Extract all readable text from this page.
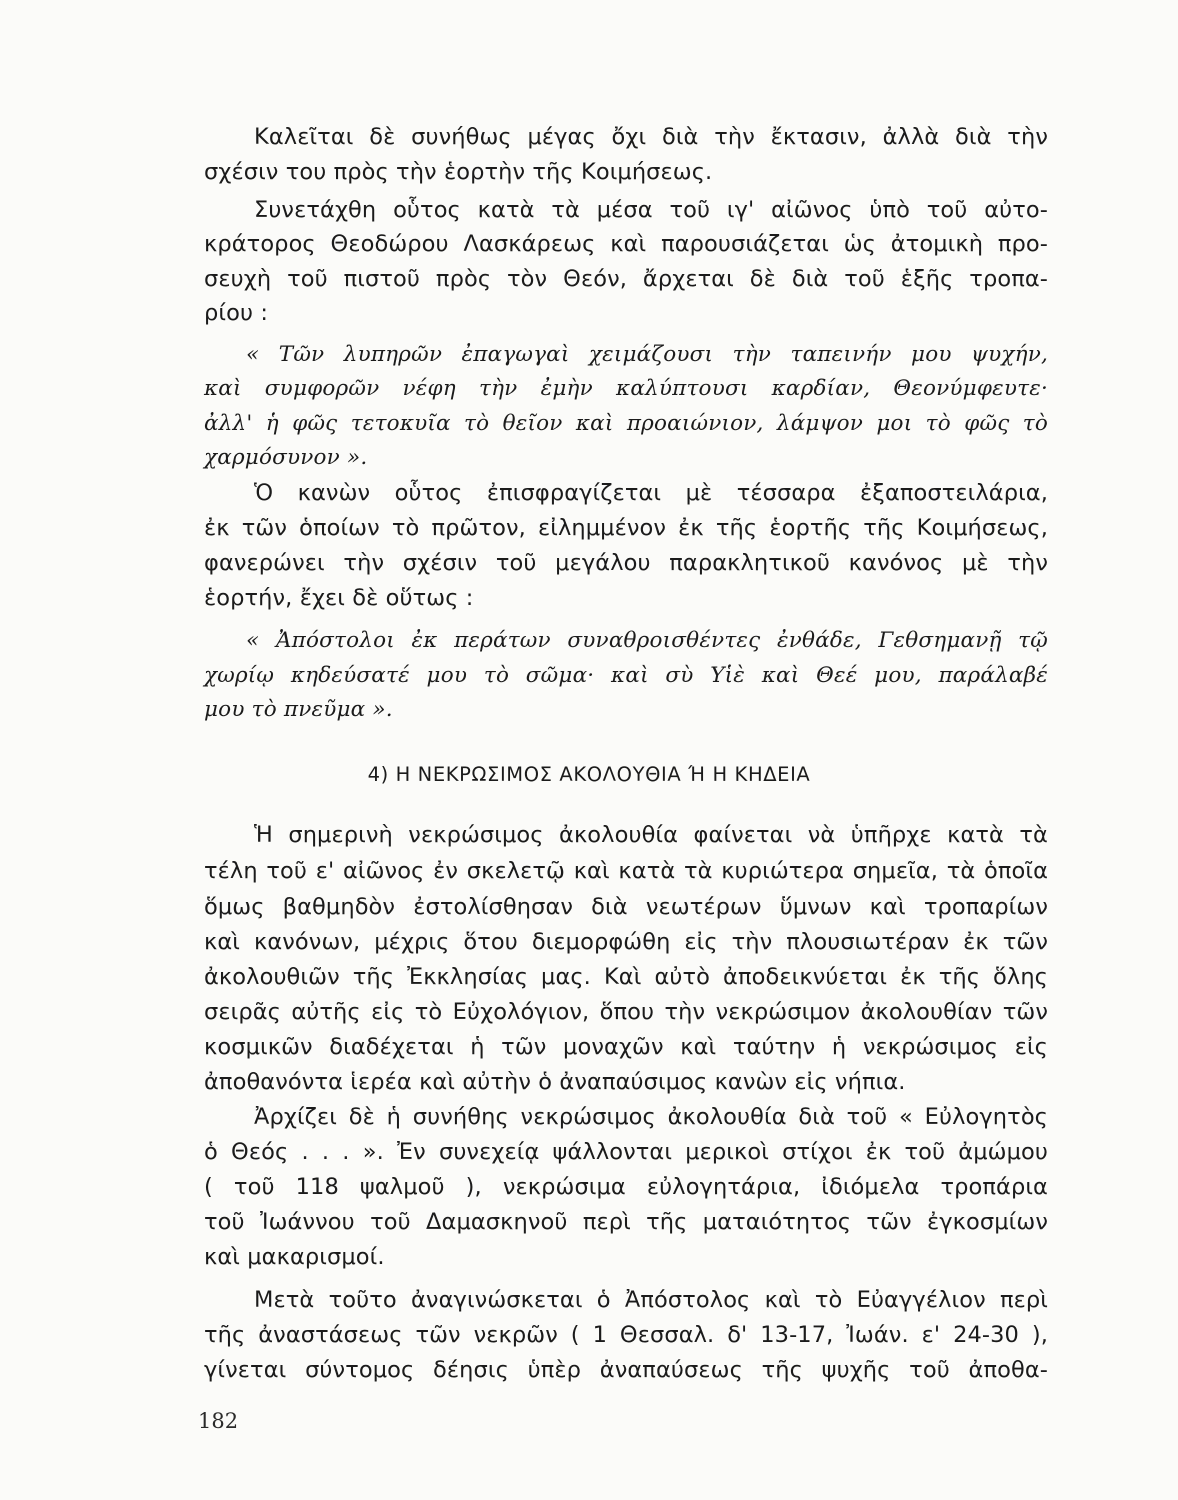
Καλεῖται δὲ συνήθως μέγας ὄχι διὰ τὴν ἔκτασιν, ἀλλὰ διὰ τὴν

σχέσιν του πρὸς τὴν ἑορτὴν τῆς Κοιμήσεως.

Συνετάχθη οὗτος κατὰ τὰ μέσα τοῦ ιγ' αἰῶνος ὑπὸ τοῦ αὐτο-

κράτορος Θεοδώρου Λασκάρεως καὶ παρουσιάζεται ὡς ἀτομικὴ προ-

σευχὴ τοῦ πιστοῦ πρὸς τὸν Θεόν, ἄρχεται δὲ διὰ τοῦ ἑξῆς τροπα-

ρίου :

« Τῶν λυπηρῶν ἐπαγωγαὶ χειμάζουσι τὴν ταπεινήν μου ψυχήν,

καὶ συμφορῶν νέφη τὴν ἐμὴν καλύπτουσι καρδίαν, Θεονύμφευτε·

ἀλλ' ἡ φῶς τετοκυῖα τὸ θεῖον καὶ προαιώνιον, λάμψον μοι τὸ φῶς τὸ

χαρμόσυνον ».

Ὁ κανὼν οὗτος ἐπισφραγίζεται μὲ τέσσαρα ἐξαποστειλάρια,

ἐκ τῶν ὁποίων τὸ πρῶτον, εἰλημμένον ἐκ τῆς ἑορτῆς τῆς Κοιμήσεως,

φανερώνει τὴν σχέσιν τοῦ μεγάλου παρακλητικοῦ κανόνος μὲ τὴν

ἑορτήν, ἔχει δὲ οὕτως :

« Ἀπόστολοι ἐκ περάτων συναθροισθέντες ἐνθάδε, Γεθσημανῇ τῷ

χωρίῳ κηδεύσατέ μου τὸ σῶμα· καὶ σὺ Υἱὲ καὶ Θεέ μου, παράλαβέ

μου τὸ πνεῦμα ».

4) Η ΝΕΚΡΩΣΙΜΟΣ ΑΚΟΛΟΥΘΙΑ Ή Η ΚΗΔΕΙΑ

Ἡ σημερινὴ νεκρώσιμος ἀκολουθία φαίνεται νὰ ὑπῆρχε κατὰ τὰ

τέλη τοῦ ε' αἰῶνος ἐν σκελετῷ καὶ κατὰ τὰ κυριώτερα σημεῖα, τὰ ὁποῖα

ὅμως βαθμηδὸν ἐστολίσθησαν διὰ νεωτέρων ὕμνων καὶ τροπαρίων

καὶ κανόνων, μέχρις ὅτου διεμορφώθη εἰς τὴν πλουσιωτέραν ἐκ τῶν

ἀκολουθιῶν τῆς Ἐκκλησίας μας. Καὶ αὐτὸ ἀποδεικνύεται ἐκ τῆς ὅλης

σειρᾶς αὐτῆς εἰς τὸ Εὐχολόγιον, ὅπου τὴν νεκρώσιμον ἀκολουθίαν τῶν

κοσμικῶν διαδέχεται ἡ τῶν μοναχῶν καὶ ταύτην ἡ νεκρώσιμος εἰς

ἀποθανόντα ἱερέα καὶ αὐτὴν ὁ ἀναπαύσιμος κανὼν εἰς νήπια.

Ἀρχίζει δὲ ἡ συνήθης νεκρώσιμος ἀκολουθία διὰ τοῦ « Εὐλογητὸς

ὁ Θεός . . . ». Ἐν συνεχείᾳ ψάλλονται μερικοὶ στίχοι ἐκ τοῦ ἀμώμου

( τοῦ 118 ψαλμοῦ ), νεκρώσιμα εὐλογητάρια, ἰδιόμελα τροπάρια

τοῦ Ἰωάννου τοῦ Δαμασκηνοῦ περὶ τῆς ματαιότητος τῶν ἐγκοσμίων

καὶ μακαρισμοί.

Μετὰ τοῦτο ἀναγινώσκεται ὁ Ἀπόστολος καὶ τὸ Εὐαγγέλιον περὶ

τῆς ἀναστάσεως τῶν νεκρῶν ( 1 Θεσσαλ. δ' 13-17, Ἰωάν. ε' 24-30 ),

γίνεται σύντομος δέησις ὑπὲρ ἀναπαύσεως τῆς ψυχῆς τοῦ ἀποθα-

182
